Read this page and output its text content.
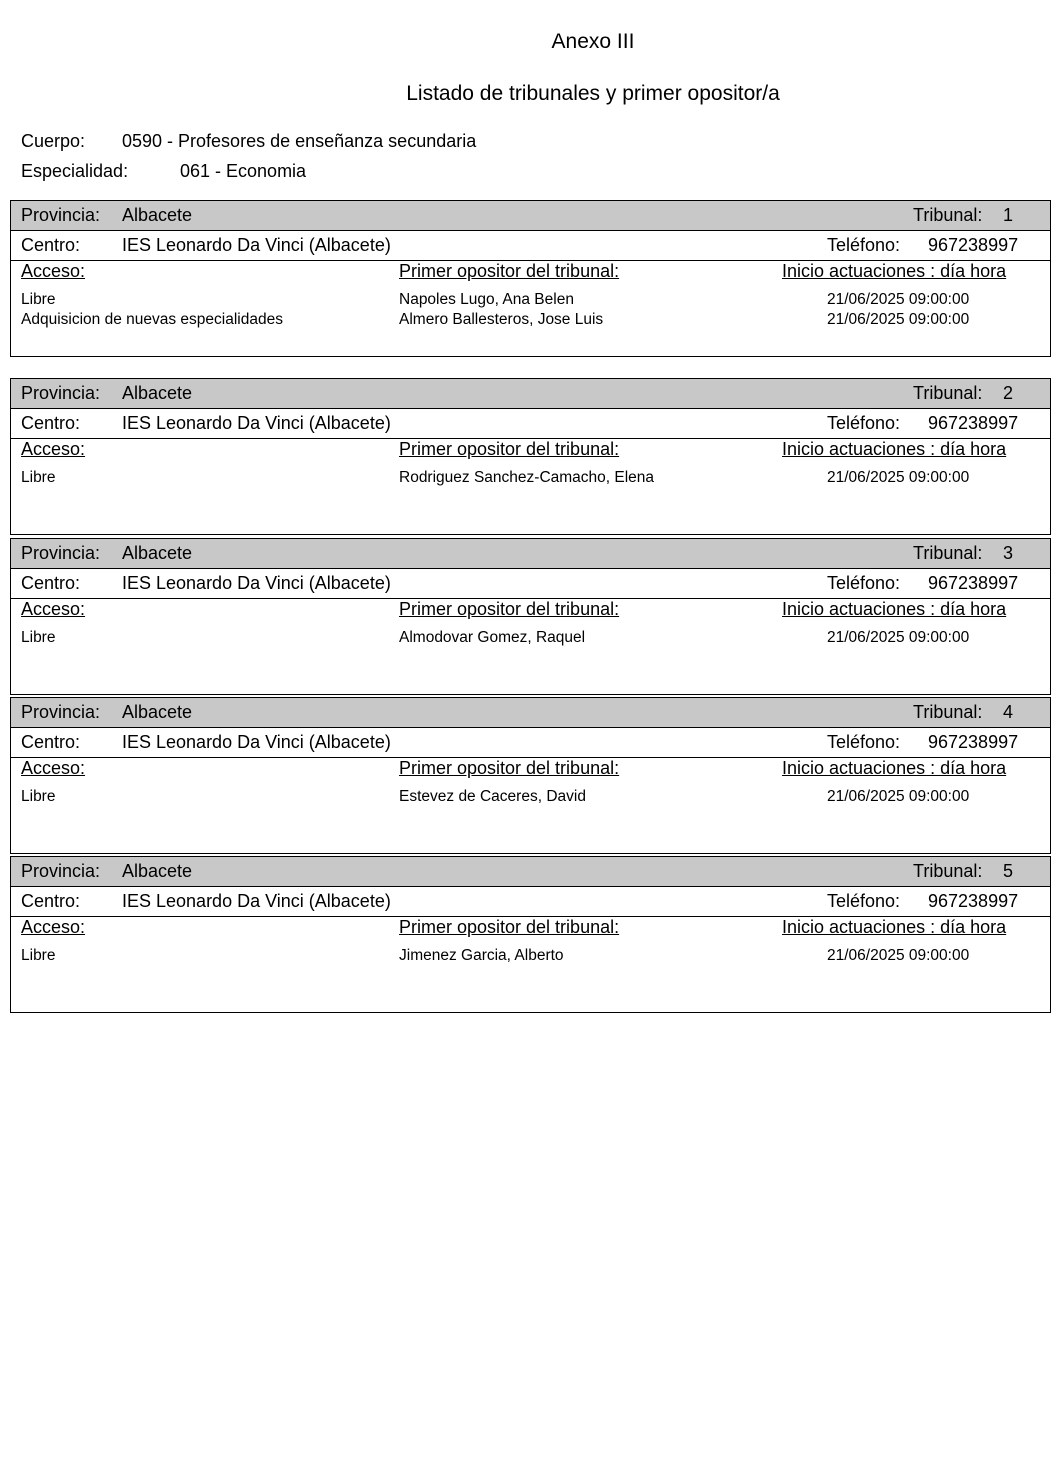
Anexo III
Listado de tribunales y primer opositor/a
Cuerpo: 0590 - Profesores de enseñanza secundaria
Especialidad:	061 - Economia
Provincia: Albacete	Tribunal: 1
Centro: IES Leonardo Da Vinci (Albacete)	Teléfono: 967238997
Acceso:	Primer opositor del tribunal:	Inicio actuaciones : día hora
Libre	Napoles Lugo, Ana Belen	21/06/2025 09:00:00
Adquisicion de nuevas especialidades	Almero Ballesteros, Jose Luis	21/06/2025 09:00:00
Provincia: Albacete	Tribunal: 2
Centro: IES Leonardo Da Vinci (Albacete)	Teléfono: 967238997
Acceso:	Primer opositor del tribunal:	Inicio actuaciones : día hora
Libre	Rodriguez Sanchez-Camacho, Elena	21/06/2025 09:00:00
Provincia: Albacete	Tribunal: 3
Centro: IES Leonardo Da Vinci (Albacete)	Teléfono: 967238997
Acceso:	Primer opositor del tribunal:	Inicio actuaciones : día hora
Libre	Almodovar Gomez, Raquel	21/06/2025 09:00:00
Provincia: Albacete	Tribunal: 4
Centro: IES Leonardo Da Vinci (Albacete)	Teléfono: 967238997
Acceso:	Primer opositor del tribunal:	Inicio actuaciones : día hora
Libre	Estevez de Caceres, David	21/06/2025 09:00:00
Provincia: Albacete	Tribunal: 5
Centro: IES Leonardo Da Vinci (Albacete)	Teléfono: 967238997
Acceso:	Primer opositor del tribunal:	Inicio actuaciones : día hora
Libre	Jimenez Garcia, Alberto	21/06/2025 09:00:00
